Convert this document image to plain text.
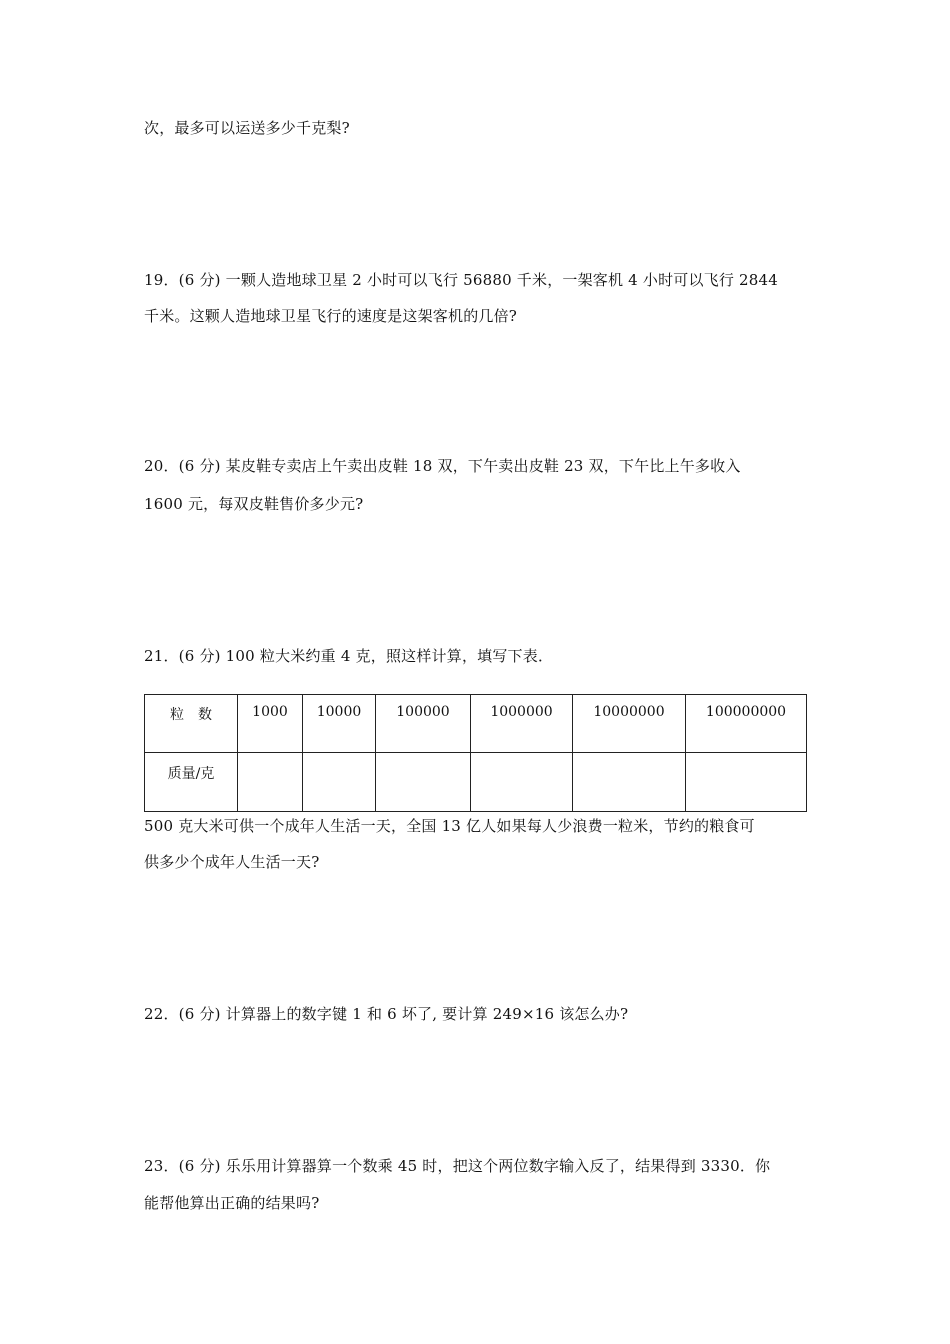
次，最多可以运送多少千克梨?
19．(6 分) 一颗人造地球卫星 2 小时可以飞行 56880 千米，一架客机 4 小时可以飞行 2844
千米。这颗人造地球卫星飞行的速度是这架客机的几倍?
20．(6 分) 某皮鞋专卖店上午卖出皮鞋 18 双，下午卖出皮鞋 23 双，下午比上午多收入
1600 元，每双皮鞋售价多少元?
21．(6 分) 100 粒大米约重 4 克，照这样计算，填写下表．
粒　数	1000	10000	100000	1000000	10000000	100000000
质量/克						
500 克大米可供一个成年人生活一天，全国 13 亿人如果每人少浪费一粒米，节约的粮食可
供多少个成年人生活一天?
22．(6 分) 计算器上的数字键 1 和 6 坏了, 要计算 249×16 该怎么办?
23．(6 分) 乐乐用计算器算一个数乘 45 时，把这个两位数字输入反了，结果得到 3330．你
能帮他算出正确的结果吗?
